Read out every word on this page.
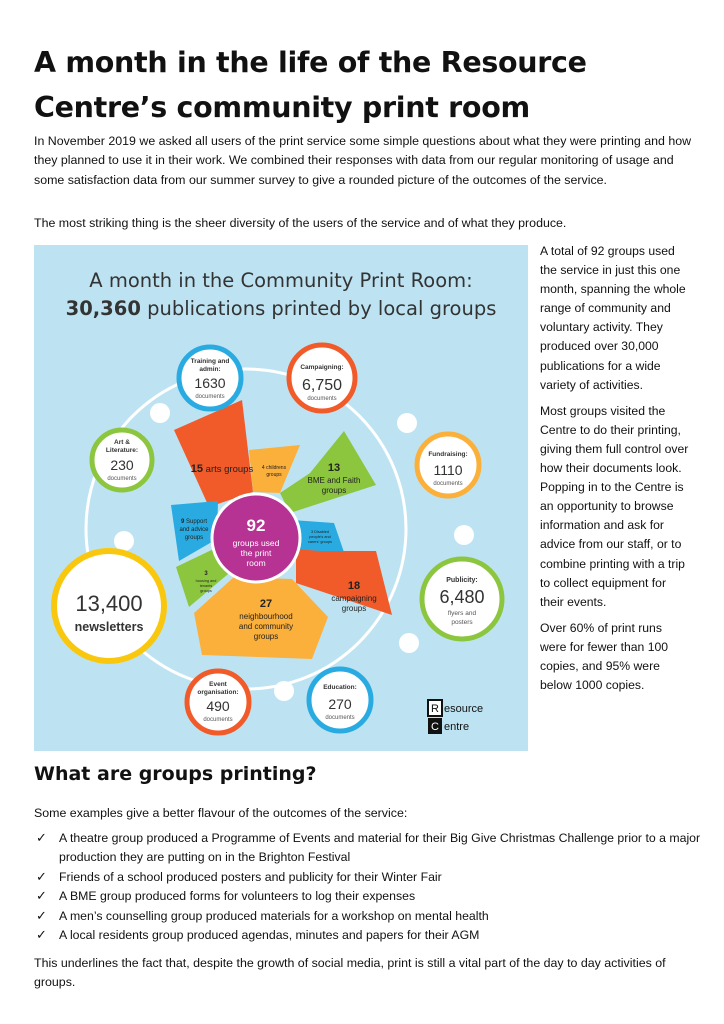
A month in the life of the Resource
Centre’s community print room

In November 2019 we asked all users of the print service some simple questions about what they were printing and how they planned to use it in their work. We combined their responses with data from our regular monitoring of usage and some satisfaction data from our summer survey to give a rounded picture of the outcomes of the service.

The most striking thing is the sheer diversity of the users of the service and of what they produce.

A month in the Community Print Room:
30,360 publications printed by local groups
92
groups used
the print
room
15 arts groups 4 childrens
groups
13
BME and Faith
groups
3 Disabled
people's and
carers' groups
18
campaigning
groups
27
neighbourhood
and community
groups
3
housing and
tenants
groups
9 Support
and advice
groups
Training and
admin:
1630
documents
Campaigning:
6,750
documents
Art &
Literature:
230
documents
Fundraising:
1110
documents
13,400
newsletters
Publicity:
6,480
flyers and
posters
Event
organisation:
490
documents
Education:
270
documents
R
C
esource
entre

A total of 92 groups used the service in just this one month, spanning the whole range of community and voluntary activity. They produced over 30,000 publications for a wide variety of activities.

Most groups visited the Centre to do their printing, giving them full control over how their documents look. Popping in to the Centre is an opportunity to browse information and ask for advice from our staff, or to combine printing with a trip to collect equipment for their events.

Over 60% of print runs were for fewer than 100 copies, and 95% were below 1000 copies.

What are groups printing?

Some examples give a better flavour of the outcomes of the service:

✓ A theatre group produced a Programme of Events and material for their Big Give Christmas Challenge prior to a major production they are putting on in the Brighton Festival
✓ Friends of a school produced posters and publicity for their Winter Fair
✓ A BME group produced forms for volunteers to log their expenses
✓ A men’s counselling group produced materials for a workshop on mental health
✓ A local residents group produced agendas, minutes and papers for their AGM

This underlines the fact that, despite the growth of social media, print is still a vital part of the day to day activities of groups.
